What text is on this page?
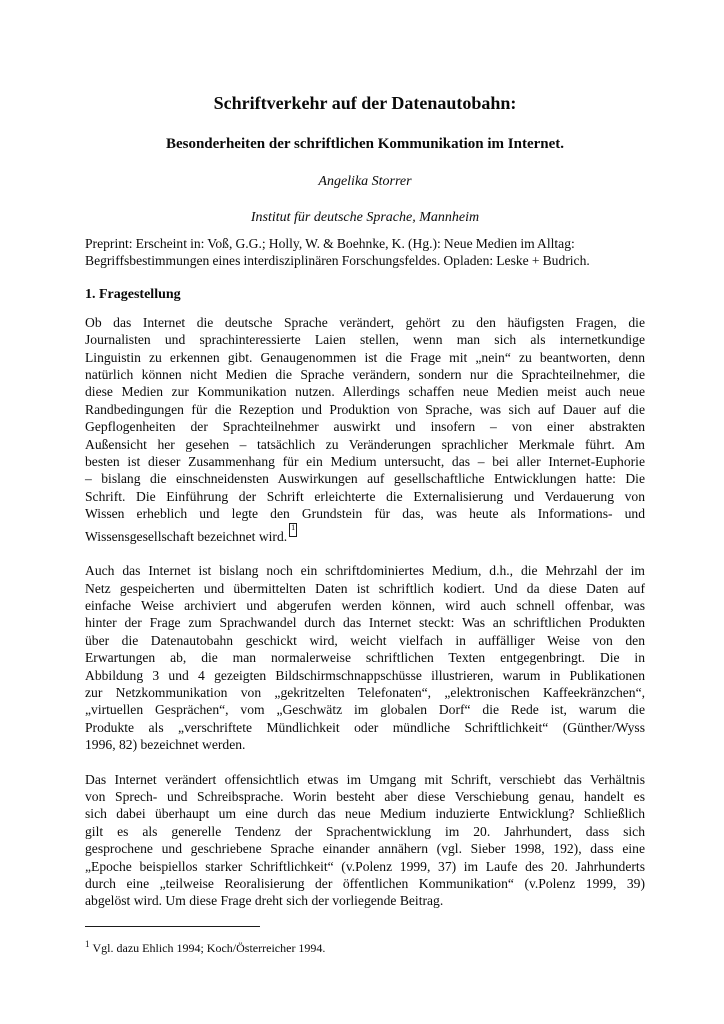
Schriftverkehr auf der Datenautobahn:
Besonderheiten der schriftlichen Kommunikation im Internet.
Angelika Storrer
Institut für deutsche Sprache, Mannheim
Preprint: Erscheint in: Voß, G.G.; Holly, W. & Boehnke, K. (Hg.): Neue Medien im Alltag:
Begriffsbestimmungen eines interdisziplinären Forschungsfeldes. Opladen: Leske + Budrich.
1. Fragestellung
Ob das Internet die deutsche Sprache verändert, gehört zu den häufigsten Fragen, die
Journalisten und sprachinteressierte Laien stellen, wenn man sich als internetkundige
Linguistin zu erkennen gibt. Genaugenommen ist die Frage mit „nein“ zu beantworten, denn
natürlich können nicht Medien die Sprache verändern, sondern nur die Sprachteilnehmer, die
diese Medien zur Kommunikation nutzen. Allerdings schaffen neue Medien meist auch neue
Randbedingungen für die Rezeption und Produktion von Sprache, was sich auf Dauer auf die
Gepflogenheiten der Sprachteilnehmer auswirkt und insofern – von einer abstrakten
Außensicht her gesehen – tatsächlich zu Veränderungen sprachlicher Merkmale führt. Am
besten ist dieser Zusammenhang für ein Medium untersucht, das – bei aller Internet-Euphorie
– bislang die einschneidensten Auswirkungen auf gesellschaftliche Entwicklungen hatte: Die
Schrift. Die Einführung der Schrift erleichterte die Externalisierung und Verdauerung von
Wissen erheblich und legte den Grundstein für das, was heute als Informations- und
Wissensgesellschaft bezeichnet wird.1
Auch das Internet ist bislang noch ein schriftdominiertes Medium, d.h., die Mehrzahl der im
Netz gespeicherten und übermittelten Daten ist schriftlich kodiert. Und da diese Daten auf
einfache Weise archiviert und abgerufen werden können, wird auch schnell offenbar, was
hinter der Frage zum Sprachwandel durch das Internet steckt: Was an schriftlichen Produkten
über die Datenautobahn geschickt wird, weicht vielfach in auffälliger Weise von den
Erwartungen ab, die man normalerweise schriftlichen Texten entgegenbringt. Die in
Abbildung 3 und 4 gezeigten Bildschirmschnappschüsse illustrieren, warum in Publikationen
zur Netzkommunikation von „gekritzelten Telefonaten“, „elektronischen Kaffeekränzchen“,
„virtuellen Gesprächen“, vom „Geschwätz im globalen Dorf“ die Rede ist, warum die
Produkte als „verschriftete Mündlichkeit oder mündliche Schriftlichkeit“ (Günther/Wyss
1996, 82) bezeichnet werden.
Das Internet verändert offensichtlich etwas im Umgang mit Schrift, verschiebt das Verhältnis
von Sprech- und Schreibsprache. Worin besteht aber diese Verschiebung genau, handelt es
sich dabei überhaupt um eine durch das neue Medium induzierte Entwicklung? Schließlich
gilt es als generelle Tendenz der Sprachentwicklung im 20. Jahrhundert, dass sich
gesprochene und geschriebene Sprache einander annähern (vgl. Sieber 1998, 192), dass eine
„Epoche beispiellos starker Schriftlichkeit“ (v.Polenz 1999, 37) im Laufe des 20. Jahrhunderts
durch eine „teilweise Reoralisierung der öffentlichen Kommunikation“ (v.Polenz 1999, 39)
abgelöst wird. Um diese Frage dreht sich der vorliegende Beitrag.
$^1$ Vgl. dazu Ehlich 1994; Koch/Österreicher 1994.
